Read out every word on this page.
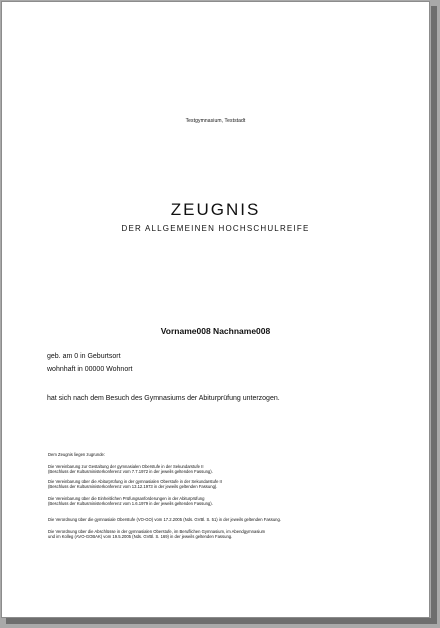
Testgymnasium, Teststadt
ZEUGNIS
DER ALLGEMEINEN HOCHSCHULREIFE
Vorname008 Nachname008
geb. am 0 in Geburtsort
wohnhaft in 00000 Wohnort
hat sich nach dem Besuch des Gymnasiums der Abiturprüfung unterzogen.
Dem Zeugnis liegen zugrunde:
Die Vereinbarung zur Gestaltung der gymnasialen Oberstufe in der Sekundarstufe II
(Beschluss der Kultusministerkonferenz vom 7.7.1972 in der jeweils geltenden Fassung).
Die Vereinbarung über die Abiturprüfung in der gymnasialen Oberstufe in der Sekundarstufe II
(Beschluss der Kultusministerkonferenz vom 13.12.1973 in der jeweils geltenden Fassung).
Die Vereinbarung über die Einheitlichen Prüfungsanforderungen in der Abiturprüfung
(Beschluss der Kultusministerkonferenz vom 1.6.1979 in der jeweils geltenden Fassung).
Die Verordnung über die gymnasiale Oberstufe (VO-GO) vom 17.2.2005 (Nds. GVBl. S. 51) in der jeweils geltenden Fassung.
Die Verordnung über die Abschlüsse in der gymnasialen Oberstufe, im Beruflichen Gymnasium, im Abendgymnasium
und im Kolleg (AVO-GOBAK) vom 19.5.2005 (Nds. GVBl. S. 169) in der jeweils geltenden Fassung.
